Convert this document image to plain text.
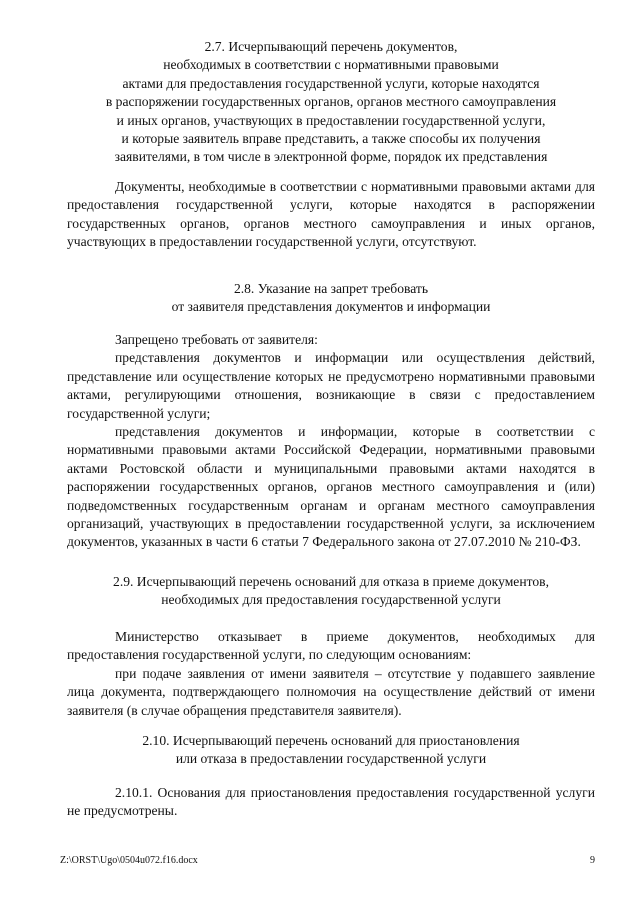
2.7. Исчерпывающий перечень документов,
необходимых в соответствии с нормативными правовыми
актами для предоставления государственной услуги, которые находятся
в распоряжении государственных органов, органов местного самоуправления
и иных органов, участвующих в предоставлении государственной услуги,
и которые заявитель вправе представить, а также способы их получения
заявителями, в том числе в электронной форме, порядок их представления

Документы, необходимые в соответствии с нормативными правовыми актами для предоставления государственной услуги, которые находятся в распоряжении государственных органов, органов местного самоуправления и иных органов, участвующих в предоставлении государственной услуги, отсутствуют.

2.8. Указание на запрет требовать
от заявителя представления документов и информации

Запрещено требовать от заявителя:

представления документов и информации или осуществления действий, представление или осуществление которых не предусмотрено нормативными правовыми актами, регулирующими отношения, возникающие в связи с предоставлением государственной услуги;

представления документов и информации, которые в соответствии с нормативными правовыми актами Российской Федерации, нормативными правовыми актами Ростовской области и муниципальными правовыми актами находятся в распоряжении государственных органов, органов местного самоуправления и (или) подведомственных государственным органам и органам местного самоуправления организаций, участвующих в предоставлении государственной услуги, за исключением документов, указанных в части 6 статьи 7 Федерального закона от 27.07.2010 № 210-ФЗ.

2.9. Исчерпывающий перечень оснований для отказа в приеме документов,
необходимых для предоставления государственной услуги

Министерство отказывает в приеме документов, необходимых для предоставления государственной услуги, по следующим основаниям:

при подаче заявления от имени заявителя – отсутствие у подавшего заявление лица документа, подтверждающего полномочия на осуществление действий от имени заявителя (в случае обращения представителя заявителя).

2.10. Исчерпывающий перечень оснований для приостановления
или отказа в предоставлении государственной услуги

2.10.1. Основания для приостановления предоставления государственной услуги не предусмотрены.

Z:\ORST\Ugo\0504u072.f16.docx	9
